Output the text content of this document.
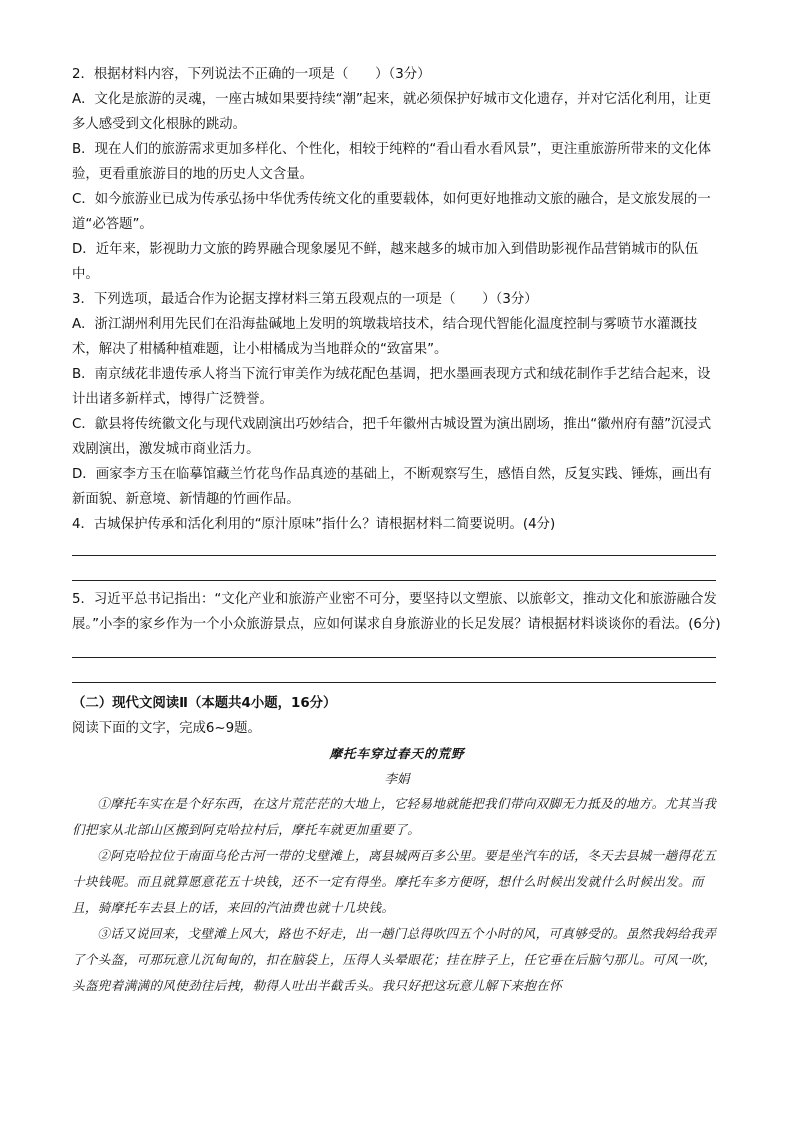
2．根据材料内容，下列说法不正确的一项是（　　）（3分）

A．文化是旅游的灵魂，一座古城如果要持续“潮”起来，就必须保护好城市文化遗存，并对它活化利用，让更多人感受到文化根脉的跳动。

B．现在人们的旅游需求更加多样化、个性化，相较于纯粹的“看山看水看风景”，更注重旅游所带来的文化体验，更看重旅游目的地的历史人文含量。

C．如今旅游业已成为传承弘扬中华优秀传统文化的重要载体，如何更好地推动文旅的融合，是文旅发展的一道“必答题”。

D．近年来，影视助力文旅的跨界融合现象屡见不鲜，越来越多的城市加入到借助影视作品营销城市的队伍中。

3．下列选项，最适合作为论据支撑材料三第五段观点的一项是（　　）（3分）

A．浙江湖州利用先民们在沿海盐碱地上发明的筑墩栽培技术，结合现代智能化温度控制与雾喷节水灌溉技术，解决了柑橘种植难题，让小柑橘成为当地群众的“致富果”。

B．南京绒花非遗传承人将当下流行审美作为绒花配色基调，把水墨画表现方式和绒花制作手艺结合起来，设计出诸多新样式，博得广泛赞誉。

C．歙县将传统徽文化与现代戏剧演出巧妙结合，把千年徽州古城设置为演出剧场，推出“徽州府有囍”沉浸式戏剧演出，激发城市商业活力。

D．画家李方玉在临摹馆藏兰竹花鸟作品真迹的基础上，不断观察写生，感悟自然，反复实践、锤炼，画出有新面貌、新意境、新情趣的竹画作品。

4．古城保护传承和活化利用的“原汁原味”指什么？请根据材料二简要说明。(4分)

5．习近平总书记指出：“文化产业和旅游产业密不可分，要坚持以文塑旅、以旅彰文，推动文化和旅游融合发展。”小李的家乡作为一个小众旅游景点，应如何谋求自身旅游业的长足发展？请根据材料谈谈你的看法。(6分)

（二）现代文阅读Ⅱ（本题共4小题，16分）

阅读下面的文字，完成6~9题。

摩托车穿过春天的荒野

李娟

①摩托车实在是个好东西，在这片荒茫茫的大地上，它轻易地就能把我们带向双脚无力抵及的地方。尤其当我们把家从北部山区搬到阿克哈拉村后，摩托车就更加重要了。

②阿克哈拉位于南面乌伦古河一带的戈壁滩上，离县城两百多公里。要是坐汽车的话，冬天去县城一趟得花五十块钱呢。而且就算愿意花五十块钱，还不一定有得坐。摩托车多方便呀，想什么时候出发就什么时候出发。而且，骑摩托车去县上的话，来回的汽油费也就十几块钱。

③话又说回来，戈壁滩上风大，路也不好走，出一趟门总得吹四五个小时的风，可真够受的。虽然我妈给我弄了个头盔，可那玩意儿沉甸甸的，扣在脑袋上，压得人头晕眼花；挂在脖子上，任它垂在后脑勺那儿。可风一吹，头盔兜着满满的风使劲往后拽，勒得人吐出半截舌头。我只好把这玩意儿解下来抱在怀
